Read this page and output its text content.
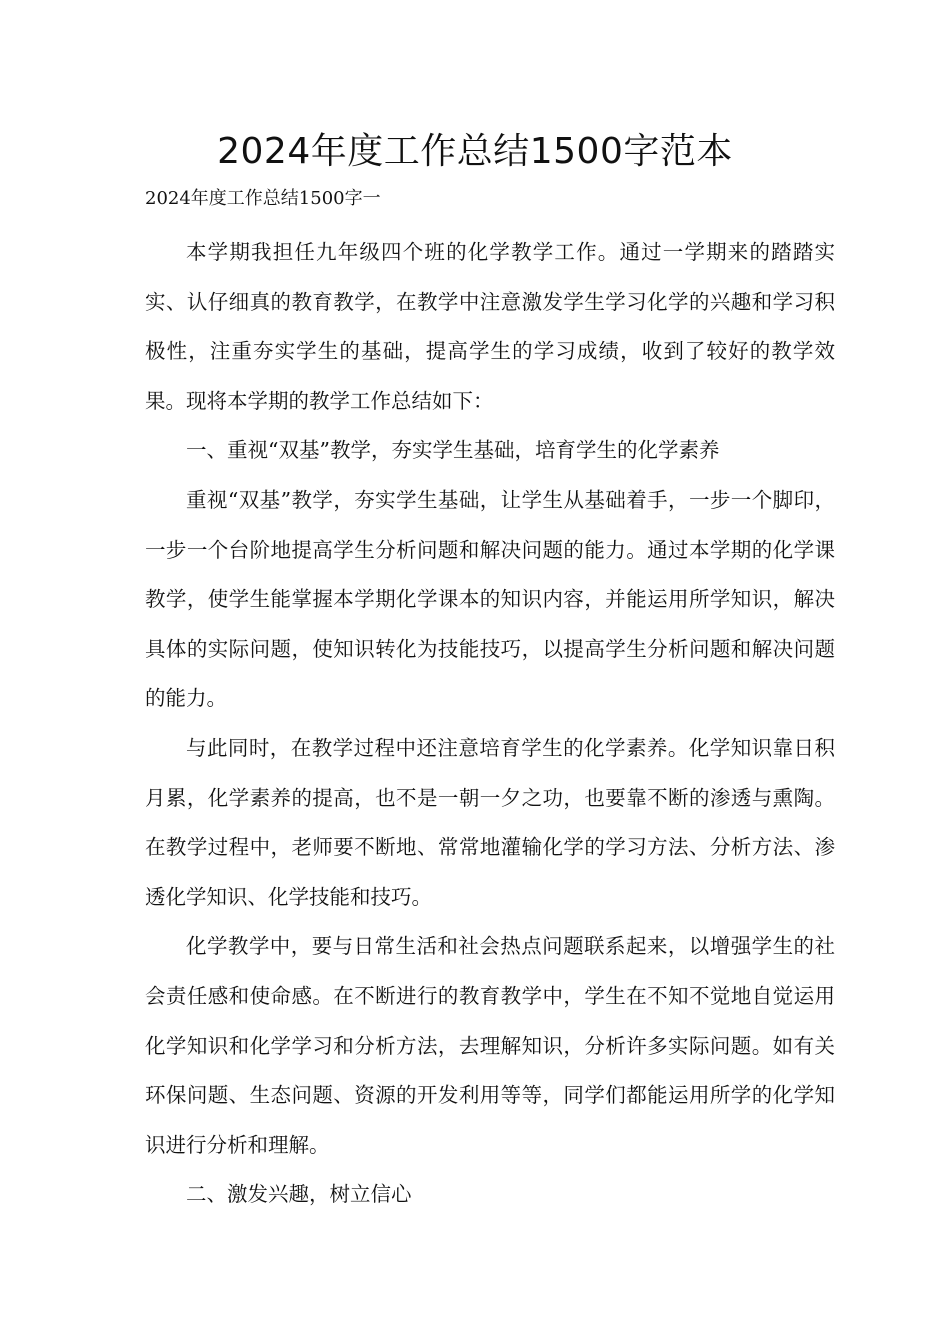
2024年度工作总结1500字范本
2024年度工作总结1500字一

本学期我担任九年级四个班的化学教学工作。通过一学期来的踏踏实实、认仔细真的教育教学，在教学中注意激发学生学习化学的兴趣和学习积极性，注重夯实学生的基础，提高学生的学习成绩，收到了较好的教学效果。现将本学期的教学工作总结如下：

一、重视“双基”教学，夯实学生基础，培育学生的化学素养

重视“双基”教学，夯实学生基础，让学生从基础着手，一步一个脚印，一步一个台阶地提高学生分析问题和解决问题的能力。通过本学期的化学课教学，使学生能掌握本学期化学课本的知识内容，并能运用所学知识，解决具体的实际问题，使知识转化为技能技巧，以提高学生分析问题和解决问题的能力。

与此同时，在教学过程中还注意培育学生的化学素养。化学知识靠日积月累，化学素养的提高，也不是一朝一夕之功，也要靠不断的渗透与熏陶。在教学过程中，老师要不断地、常常地灌输化学的学习方法、分析方法、渗透化学知识、化学技能和技巧。

化学教学中，要与日常生活和社会热点问题联系起来，以增强学生的社会责任感和使命感。在不断进行的教育教学中，学生在不知不觉地自觉运用化学知识和化学学习和分析方法，去理解知识，分析许多实际问题。如有关环保问题、生态问题、资源的开发利用等等，同学们都能运用所学的化学知识进行分析和理解。

二、激发兴趣，树立信心
